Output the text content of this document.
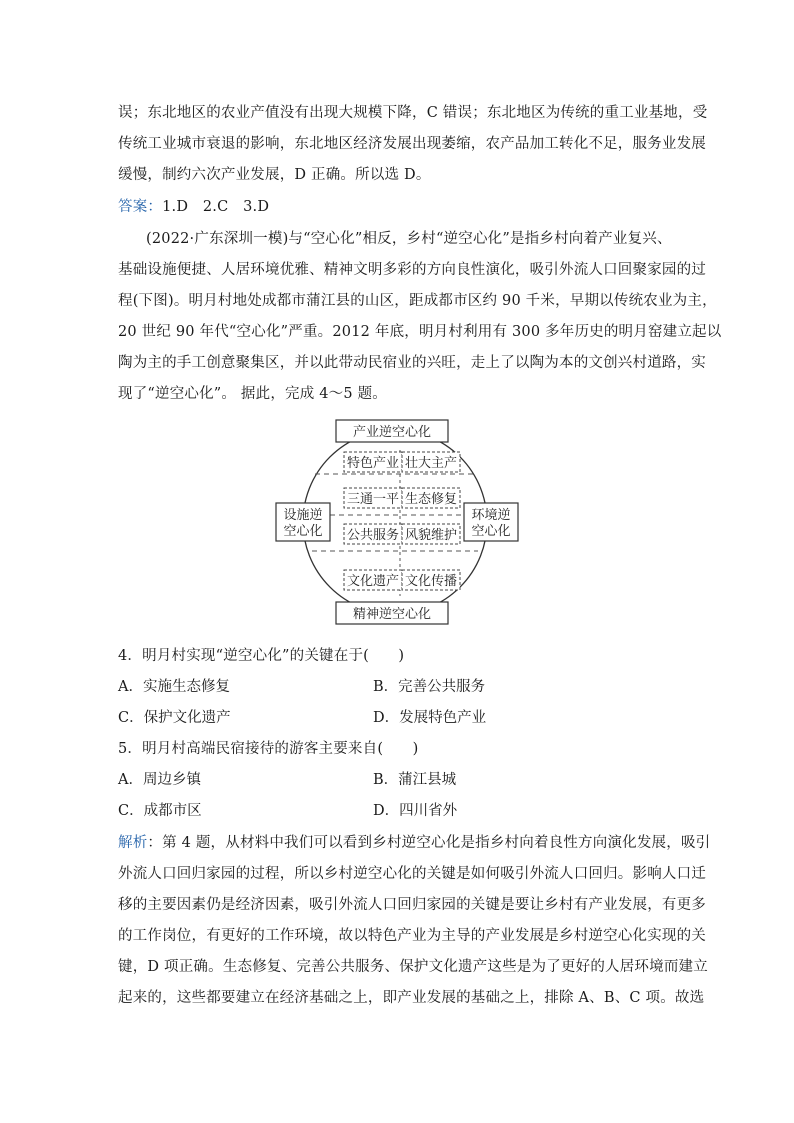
误；东北地区的农业产值没有出现大规模下降，C 错误；东北地区为传统的重工业基地，受
传统工业城市衰退的影响，东北地区经济发展出现萎缩，农产品加工转化不足，服务业发展
缓慢，制约六次产业发展，D 正确。所以选 D。
答案：1.D　2.C　3.D
(2022·广东深圳一模)与“空心化”相反，乡村“逆空心化”是指乡村向着产业复兴、
基础设施便捷、人居环境优雅、精神文明多彩的方向良性演化，吸引外流人口回聚家园的过
程(下图)。明月村地处成都市蒲江县的山区，距成都市区约 90 千米，早期以传统农业为主，
20 世纪 90 年代“空心化”严重。2012 年底，明月村利用有 300 多年历史的明月窑建立起以
陶为主的手工创意聚集区，并以此带动民宿业的兴旺，走上了以陶为本的文创兴村道路，实
现了“逆空心化”。 据此，完成 4～5 题。
产业逆空心化
精神逆空心化
设施逆
空心化
环境逆
空心化
特色产业 壮大主产
三通一平 生态修复
公共服务 风貌维护
文化遗产 文化传播
4．明月村实现“逆空心化”的关键在于(　　)
A．实施生态修复	B．完善公共服务
C．保护文化遗产	D．发展特色产业
5．明月村高端民宿接待的游客主要来自(　　)
A．周边乡镇	B．蒲江县城
C．成都市区	D．四川省外
解析：第 4 题，从材料中我们可以看到乡村逆空心化是指乡村向着良性方向演化发展，吸引
外流人口回归家园的过程，所以乡村逆空心化的关键是如何吸引外流人口回归。影响人口迁
移的主要因素仍是经济因素，吸引外流人口回归家园的关键是要让乡村有产业发展，有更多
的工作岗位，有更好的工作环境，故以特色产业为主导的产业发展是乡村逆空心化实现的关
键，D 项正确。生态修复、完善公共服务、保护文化遗产这些是为了更好的人居环境而建立
起来的，这些都要建立在经济基础之上，即产业发展的基础之上，排除 A、B、C 项。故选
